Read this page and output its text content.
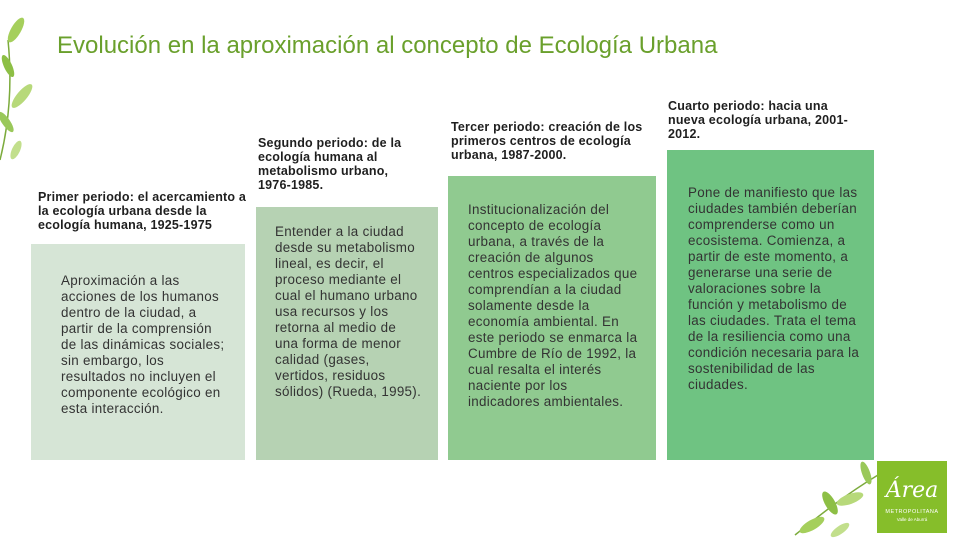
Evolución en la aproximación al concepto de Ecología Urbana
Primer periodo: el acercamiento a la ecología urbana desde la ecología humana, 1925-1975
Segundo periodo: de la ecología humana al metabolismo urbano, 1976-1985.
Tercer periodo: creación de los primeros centros de ecología urbana, 1987-2000.
Cuarto periodo: hacia una nueva ecología urbana, 2001-2012.

Aproximación a las acciones de los humanos dentro de la ciudad, a partir de la comprensión de las dinámicas sociales; sin embargo, los resultados no incluyen el componente ecológico en esta interacción.

Entender a la ciudad desde su metabolismo lineal, es decir, el proceso mediante el cual el humano urbano usa recursos y los retorna al medio de una forma de menor calidad (gases, vertidos, residuos sólidos) (Rueda, 1995).

Institucionalización del concepto de ecología urbana, a través de la creación de algunos centros especializados que comprendían a la ciudad solamente desde la economía ambiental. En este periodo se enmarca la Cumbre de Río de 1992, la cual resalta el interés naciente por los indicadores ambientales.

Pone de manifiesto que las ciudades también deberían comprenderse como un ecosistema. Comienza, a partir de este momento, a generarse una serie de valoraciones sobre la función y metabolismo de las ciudades. Trata el tema de la resiliencia como una condición necesaria para la sostenibilidad de las ciudades.

Área
METROPOLITANA
Valle de Aburrá
